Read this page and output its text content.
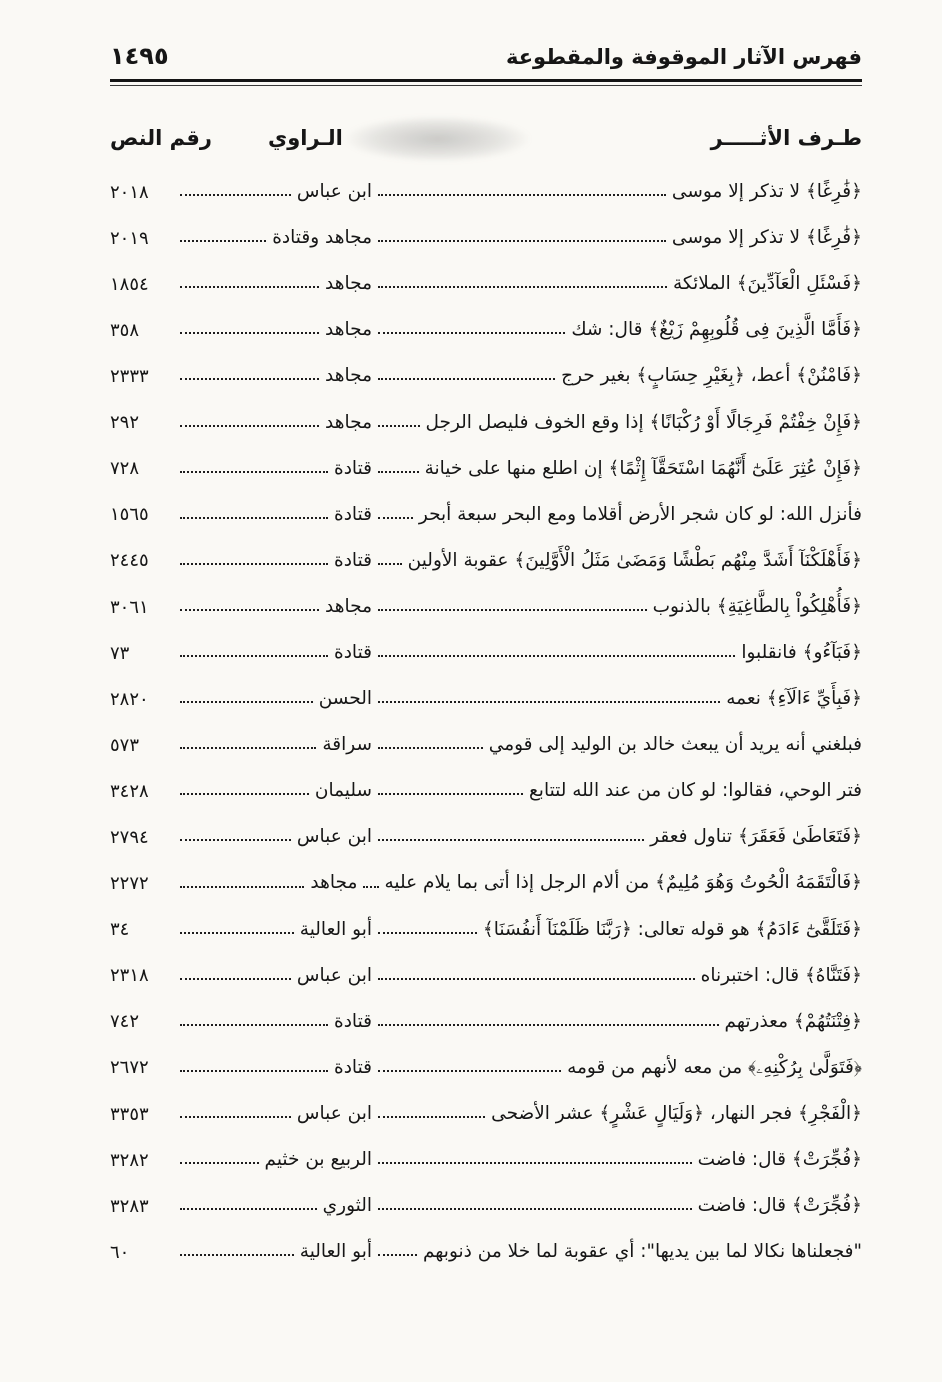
فهرس الآثار الموقوفة والمقطوعة
١٤٩٥
طـرف الأثـــــر
الـراوي
رقم النص
﴿فَٰرِغًا﴾ لا تذكر إلا موسى
ابن عباس
٢٠١٨
﴿فَٰرِغًا﴾ لا تذكر إلا موسى
مجاهد وقتادة
٢٠١٩
﴿فَسْئَلِ الْعَآدِّينَ﴾ الملائكة
مجاهد
١٨٥٤
﴿فَأَمَّا الَّذِينَ فِى قُلُوبِهِمْ زَيْغٌ﴾ قال: شك
مجاهد
٣٥٨
﴿فَامْنُنْ﴾ أعط، ﴿بِغَيْرِ حِسَابٍ﴾ بغير حرج
مجاهد
٢٣٣٣
﴿فَإِنْ خِفْتُمْ فَرِجَالًا أَوْ رُكْبَانًا﴾ إذا وقع الخوف فليصل الرجل
مجاهد
٢٩٢
﴿فَإِنْ عُثِرَ عَلَىٰٓ أَنَّهُمَا اسْتَحَقَّآ إِثْمًا﴾ إن اطلع منها على خيانة
قتادة
٧٢٨
فأنزل الله: لو كان شجر الأرض أقلاما ومع البحر سبعة أبحر
قتادة
١٥٦٥
﴿فَأَهْلَكْنَآ أَشَدَّ مِنْهُم بَطْشًا وَمَضَىٰ مَثَلُ الْأَوَّلِينَ﴾ عقوبة الأولين
قتادة
٢٤٤٥
﴿فَأُهْلِكُواْ بِالطَّاغِيَةِ﴾ بالذنوب
مجاهد
٣٠٦١
﴿فَبَآءُو﴾ فانقلبوا
قتادة
٧٣
﴿فَبِأَيِّ ءَالَآءِ﴾ نعمه
الحسن
٢٨٢٠
فبلغني أنه يريد أن يبعث خالد بن الوليد إلى قومي
سراقة
٥٧٣
فتر الوحي، فقالوا: لو كان من عند الله لتتابع
سليمان
٣٤٢٨
﴿فَتَعَاطَىٰ فَعَقَرَ﴾ تناول فعقر
ابن عباس
٢٧٩٤
﴿فَالْتَقَمَهُ الْحُوتُ وَهُوَ مُلِيمٌ﴾ من ألام الرجل إذا أتى بما يلام عليه
مجاهد
٢٢٧٢
﴿فَتَلَقَّىٰٓ ءَادَمُ﴾ هو قوله تعالى: ﴿رَبَّنَا ظَلَمْنَآ أَنفُسَنَا﴾
أبو العالية
٣٤
﴿فَتَنَّاهُ﴾ قال: اختبرناه
ابن عباس
٢٣١٨
﴿فِتْنَتُهُمْ﴾ معذرتهم
قتادة
٧٤٢
﴿فَتَوَلَّىٰ بِرُكْنِهِۦ﴾ من معه لأنهم من قومه
قتادة
٢٦٧٢
﴿الْفَجْرِ﴾ فجر النهار، ﴿وَلَيَالٍ عَشْرٍ﴾ عشر الأضحى
ابن عباس
٣٣٥٣
﴿فُجِّرَتْ﴾ قال: فاضت
الربيع بن خثيم
٣٢٨٢
﴿فُجِّرَتْ﴾ قال: فاضت
الثوري
٣٢٨٣
"فجعلناها نكالا لما بين يديها": أي عقوبة لما خلا من ذنوبهم
أبو العالية
٦٠
